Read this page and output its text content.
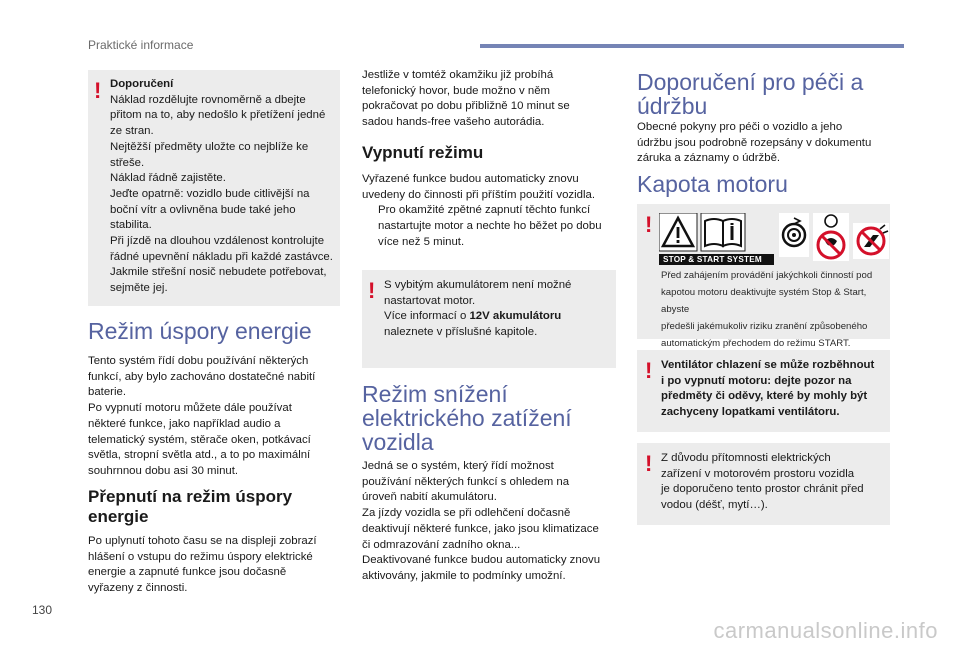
Praktické informace
130
carmanualsonline.info
! Doporučení

Náklad rozdělujte rovnoměrně a dbejte

přitom na to, aby nedošlo k přetížení jedné

ze stran.

Nejtěžší předměty uložte co nejblíže ke

střeše.

Náklad řádně zajistěte.

Jeďte opatrně: vozidlo bude citlivější na

boční vítr a ovlivněna bude také jeho

stabilita.

Při jízdě na dlouhou vzdálenost kontrolujte

řádné upevnění nákladu při každé zastávce.

Jakmile střešní nosič nebudete potřebovat,

sejměte jej.

Režim úspory energie

Tento systém řídí dobu používání některých

funkcí, aby bylo zachováno dostatečné nabití

baterie.

Po vypnutí motoru můžete dále používat

některé funkce, jako například audio a

telematický systém, stěrače oken, potkávací

světla, stropní světla atd., a to po maximální

souhrnnou dobu asi 30 minut.

Přepnutí na režim úspory

energie

Po uplynutí tohoto času se na displeji zobrazí

hlášení o vstupu do režimu úspory elektrické

energie a zapnuté funkce jsou dočasně

vyřazeny z činnosti.

Jestliže v tomtéž okamžiku již probíhá

telefonický hovor, bude možno v něm

pokračovat po dobu přibližně 10 minut se

sadou hands-free vašeho autorádia.

Vypnutí režimu

Vyřazené funkce budou automaticky znovu

uvedeny do činnosti při příštím použití vozidla.

Pro okamžité zpětné zapnutí těchto funkcí

nastartujte motor a nechte ho běžet po dobu

více než 5 minut.

! S vybitým akumulátorem není možné

nastartovat motor.

Více informací o 12V akumulátoru

naleznete v příslušné kapitole.

Režim snížení

elektrického zatížení

vozidla

Jedná se o systém, který řídí možnost

používání některých funkcí s ohledem na

úroveň nabití akumulátoru.

Za jízdy vozidla se při odlehčení dočasně

deaktivují některé funkce, jako jsou klimatizace

či odmrazování zadního okna...

Deaktivované funkce budou automaticky znovu

aktivovány, jakmile to podmínky umožní.

Doporučení pro péči a

údržbu

Obecné pokyny pro péči o vozidlo a jeho

údržbu jsou podrobně rozepsány v dokumentu

záruka a záznamy o údržbě.

Kapota motoru
!
STOP & START SYSTEM

Před zahájením provádění jakýchkoli činností pod

kapotou motoru deaktivujte systém Stop & Start, abyste

předešli jakémukoliv riziku zranění způsobeného

automatickým přechodem do režimu START.

! Ventilátor chlazení se může rozběhnout

i po vypnutí motoru: dejte pozor na

předměty či oděvy, které by mohly být

zachyceny lopatkami ventilátoru.

! Z důvodu přítomnosti elektrických

zařízení v motorovém prostoru vozidla

je doporučeno tento prostor chránit před

vodou (déšť, mytí…).
